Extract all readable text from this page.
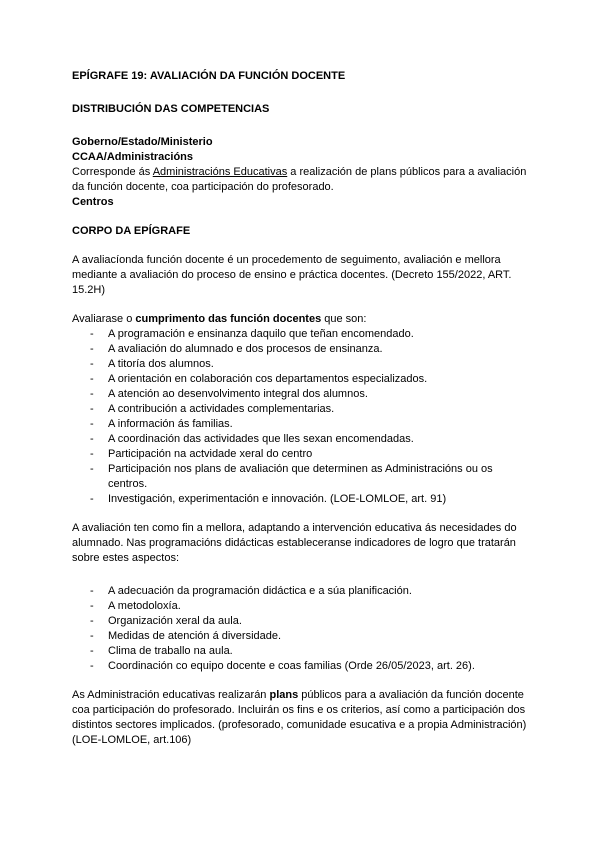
EPÍGRAFE 19: AVALIACIÓN DA FUNCIÓN DOCENTE

DISTRIBUCIÓN DAS COMPETENCIAS

Goberno/Estado/Ministerio

CCAA/Administracións

Corresponde ás Administracións Educativas a realización de plans públicos para a avaliación da función docente, coa participación do profesorado.

Centros

CORPO DA EPÍGRAFE

A avaliacíonda función docente é un procedemento de seguimento, avaliación e mellora mediante a avaliación do proceso de ensino e práctica docentes. (Decreto 155/2022, ART. 15.2H)

Avaliarase o cumprimento das función docentes que son:

- A programación e ensinanza daquilo que teñan encomendado.
- A avaliación do alumnado e dos procesos de ensinanza.
- A titoría dos alumnos.
- A orientación en colaboración cos departamentos especializados.
- A atención ao desenvolvimento integral dos alumnos.
- A contribución a actividades complementarias.
- A información ás familias.
- A coordinación das actividades que lles sexan encomendadas.
- Participación na actvidade xeral do centro
- Participación nos plans de avaliación que determinen as Administracións ou os centros.
- Investigación, experimentación e innovación. (LOE-LOMLOE, art. 91)

A avaliación ten como fin a mellora, adaptando a intervención educativa ás necesidades do alumnado. Nas programacións didácticas estableceranse indicadores de logro que tratarán sobre estes aspectos:

- A adecuación da programación didáctica e a súa planificación.
- A metodoloxía.
- Organización xeral da aula.
- Medidas de atención á diversidade.
- Clima de traballo na aula.
- Coordinación co equipo docente e coas familias (Orde 26/05/2023, art. 26).

As Administración educativas realizarán plans públicos para a avaliación da función docente coa participación do profesorado. Incluirán os fins e os criterios, así como a participación dos distintos sectores implicados. (profesorado, comunidade esucativa e a propia Administración) (LOE-LOMLOE, art.106)
